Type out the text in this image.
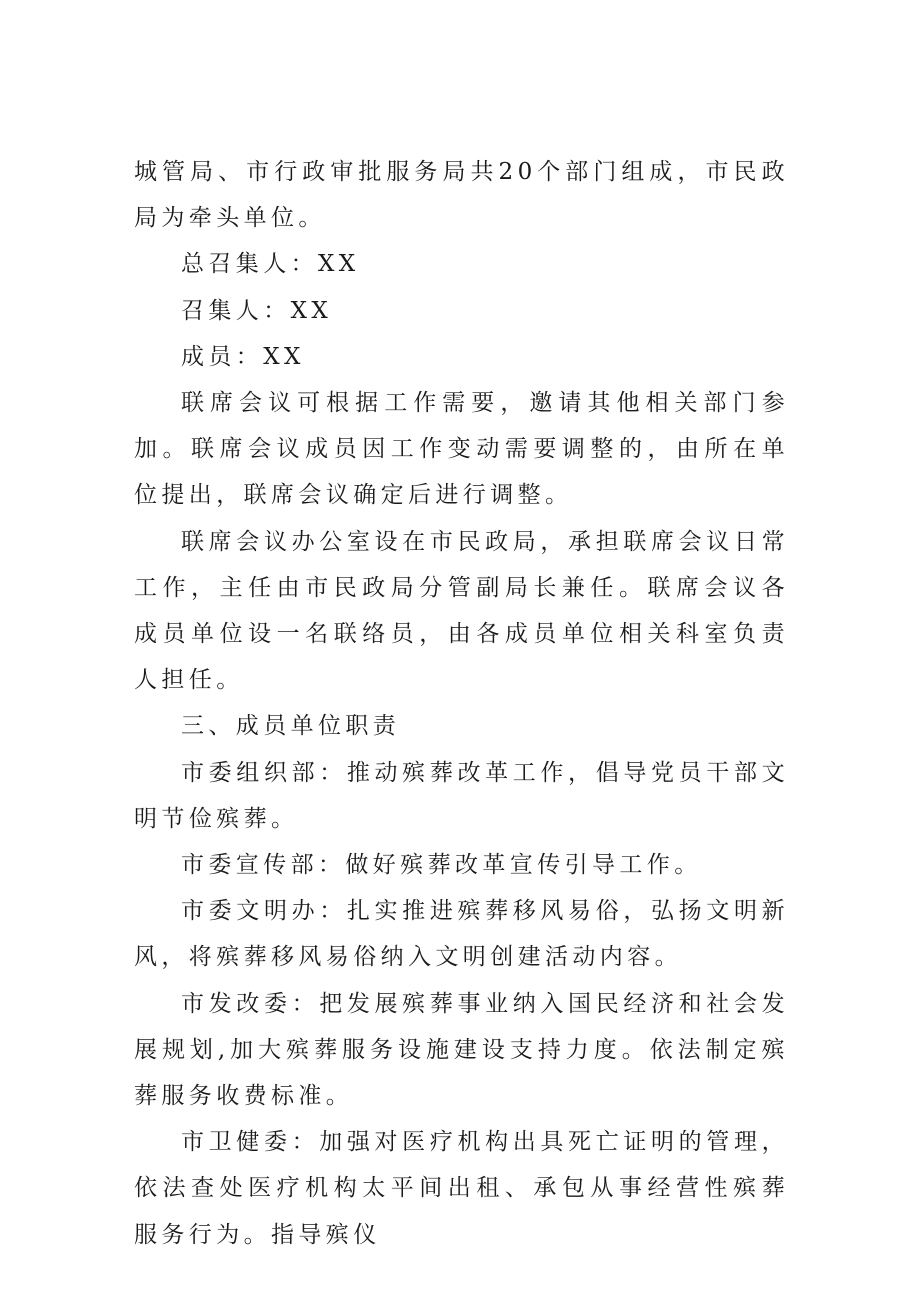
城管局、市行政审批服务局共20个部门组成，市民政局为牵头单位。

总召集人：XX

召集人：XX

成员：XX

联席会议可根据工作需要，邀请其他相关部门参加。联席会议成员因工作变动需要调整的，由所在单位提出，联席会议确定后进行调整。

联席会议办公室设在市民政局，承担联席会议日常工作，主任由市民政局分管副局长兼任。联席会议各成员单位设一名联络员，由各成员单位相关科室负责人担任。

三、成员单位职责

市委组织部：推动殡葬改革工作，倡导党员干部文明节俭殡葬。

市委宣传部：做好殡葬改革宣传引导工作。

市委文明办：扎实推进殡葬移风易俗，弘扬文明新风，将殡葬移风易俗纳入文明创建活动内容。

市发改委：把发展殡葬事业纳入国民经济和社会发展规划,加大殡葬服务设施建设支持力度。依法制定殡葬服务收费标准。

市卫健委：加强对医疗机构出具死亡证明的管理，依法查处医疗机构太平间出租、承包从事经营性殡葬服务行为。指导殡仪
